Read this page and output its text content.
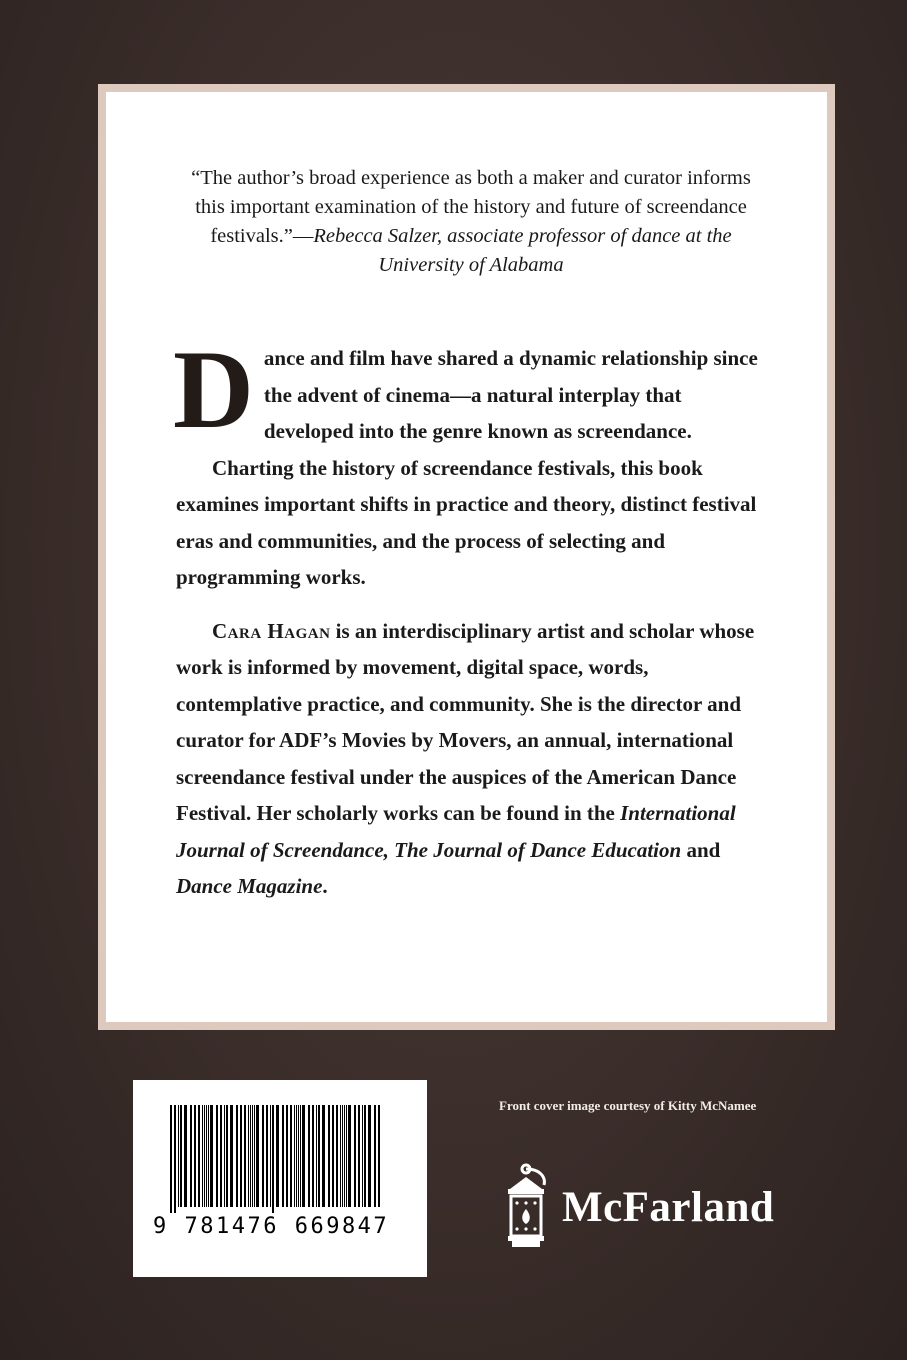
“The author’s broad experience as both a maker and curator informs this important examination of the history and future of screendance festivals.”—Rebecca Salzer, associate professor of dance at the University of Alabama

Dance and film have shared a dynamic relationship since the advent of cinema—a natural interplay that developed into the genre known as screendance.

Charting the history of screendance festivals, this book examines important shifts in practice and theory, distinct festival eras and communities, and the process of selecting and programming works.

Cara Hagan is an interdisciplinary artist and scholar whose work is informed by movement, digital space, words, contemplative practice, and community. She is the director and curator for ADF’s Movies by Movers, an annual, international screendance festival under the auspices of the American Dance Festival. Her scholarly works can be found in the International Journal of Screendance, The Journal of Dance Education and Dance Magazine.

9 781476 669847
Front cover image courtesy of Kitty McNamee
McFarland
